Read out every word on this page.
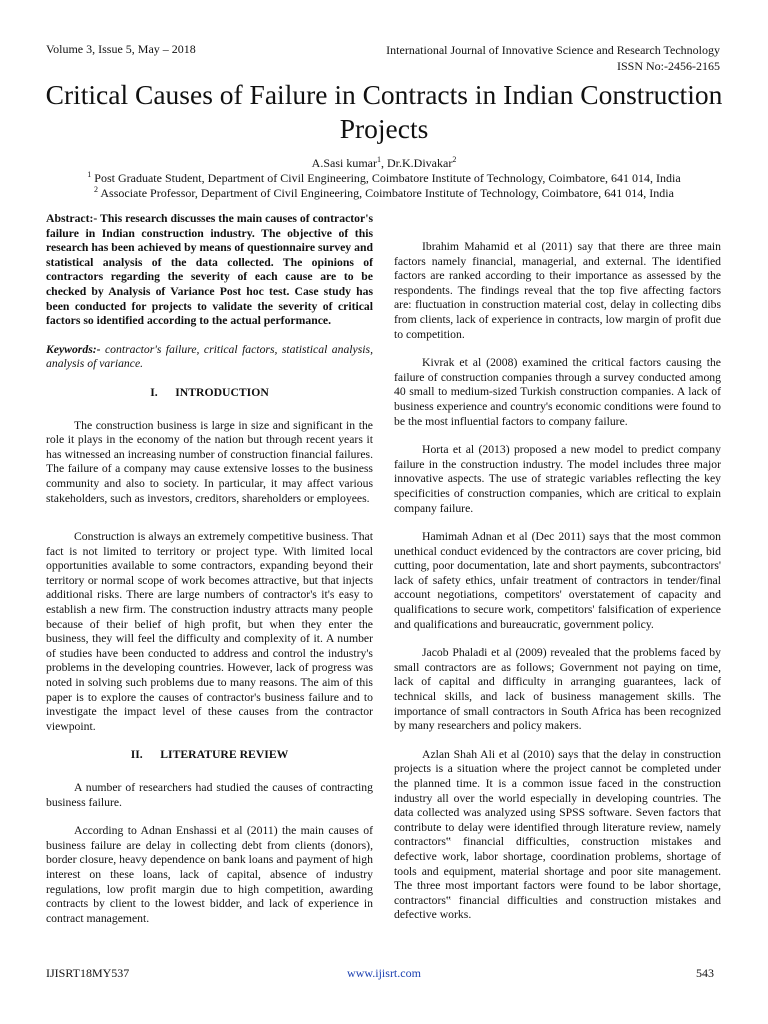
Volume 3, Issue 5, May – 2018	International Journal of Innovative Science and Research Technology
ISSN No:-2456-2165
Critical Causes of Failure in Contracts in Indian Construction Projects
A.Sasi kumar$^1$, Dr.K.Divakar$^2$
$^1$ Post Graduate Student, Department of Civil Engineering, Coimbatore Institute of Technology, Coimbatore, 641 014, India
$^2$ Associate Professor, Department of Civil Engineering, Coimbatore Institute of Technology, Coimbatore, 641 014, India

Abstract:- This research discusses the main causes of contractor's failure in Indian construction industry. The objective of this research has been achieved by means of questionnaire survey and statistical analysis of the data collected. The opinions of contractors regarding the severity of each cause are to be checked by Analysis of Variance Post hoc test. Case study has been conducted for projects to validate the severity of critical factors so identified according to the actual performance.

Keywords:- contractor's failure, critical factors, statistical analysis, analysis of variance.

I. INTRODUCTION

The construction business is large in size and significant in the role it plays in the economy of the nation but through recent years it has witnessed an increasing number of construction financial failures. The failure of a company may cause extensive losses to the business community and also to society. In particular, it may affect various stakeholders, such as investors, creditors, shareholders or employees.

Construction is always an extremely competitive business. That fact is not limited to territory or project type. With limited local opportunities available to some contractors, expanding beyond their territory or normal scope of work becomes attractive, but that injects additional risks. There are large numbers of contractor's it's easy to establish a new firm. The construction industry attracts many people because of their belief of high profit, but when they enter the business, they will feel the difficulty and complexity of it. A number of studies have been conducted to address and control the industry's problems in the developing countries. However, lack of progress was noted in solving such problems due to many reasons. The aim of this paper is to explore the causes of contractor's business failure and to investigate the impact level of these causes from the contractor viewpoint.

II. LITERATURE REVIEW

A number of researchers had studied the causes of contracting business failure.

According to Adnan Enshassi et al (2011) the main causes of business failure are delay in collecting debt from clients (donors), border closure, heavy dependence on bank loans and payment of high interest on these loans, lack of capital, absence of industry regulations, low profit margin due to high competition, awarding contracts by client to the lowest bidder, and lack of experience in contract management.

Ibrahim Mahamid et al (2011) say that there are three main factors namely financial, managerial, and external. The identified factors are ranked according to their importance as assessed by the respondents. The findings reveal that the top five affecting factors are: fluctuation in construction material cost, delay in collecting dibs from clients, lack of experience in contracts, low margin of profit due to competition.

Kivrak et al (2008) examined the critical factors causing the failure of construction companies through a survey conducted among 40 small to medium-sized Turkish construction companies. A lack of business experience and country's economic conditions were found to be the most influential factors to company failure.

Horta et al (2013) proposed a new model to predict company failure in the construction industry. The model includes three major innovative aspects. The use of strategic variables reflecting the key specificities of construction companies, which are critical to explain company failure.

Hamimah Adnan et al (Dec 2011) says that the most common unethical conduct evidenced by the contractors are cover pricing, bid cutting, poor documentation, late and short payments, subcontractors' lack of safety ethics, unfair treatment of contractors in tender/final account negotiations, competitors' overstatement of capacity and qualifications to secure work, competitors' falsification of experience and qualifications and bureaucratic, government policy.

Jacob Phaladi et al (2009) revealed that the problems faced by small contractors are as follows; Government not paying on time, lack of capital and difficulty in arranging guarantees, lack of technical skills, and lack of business management skills. The importance of small contractors in South Africa has been recognized by many researchers and policy makers.

Azlan Shah Ali et al (2010) says that the delay in construction projects is a situation where the project cannot be completed under the planned time. It is a common issue faced in the construction industry all over the world especially in developing countries. The data collected was analyzed using SPSS software. Seven factors that contribute to delay were identified through literature review, namely contractors‟ financial difficulties, construction mistakes and defective work, labor shortage, coordination problems, shortage of tools and equipment, material shortage and poor site management. The three most important factors were found to be labor shortage, contractors‟ financial difficulties and construction mistakes and defective works.

IJISRT18MY537	www.ijisrt.com	543
